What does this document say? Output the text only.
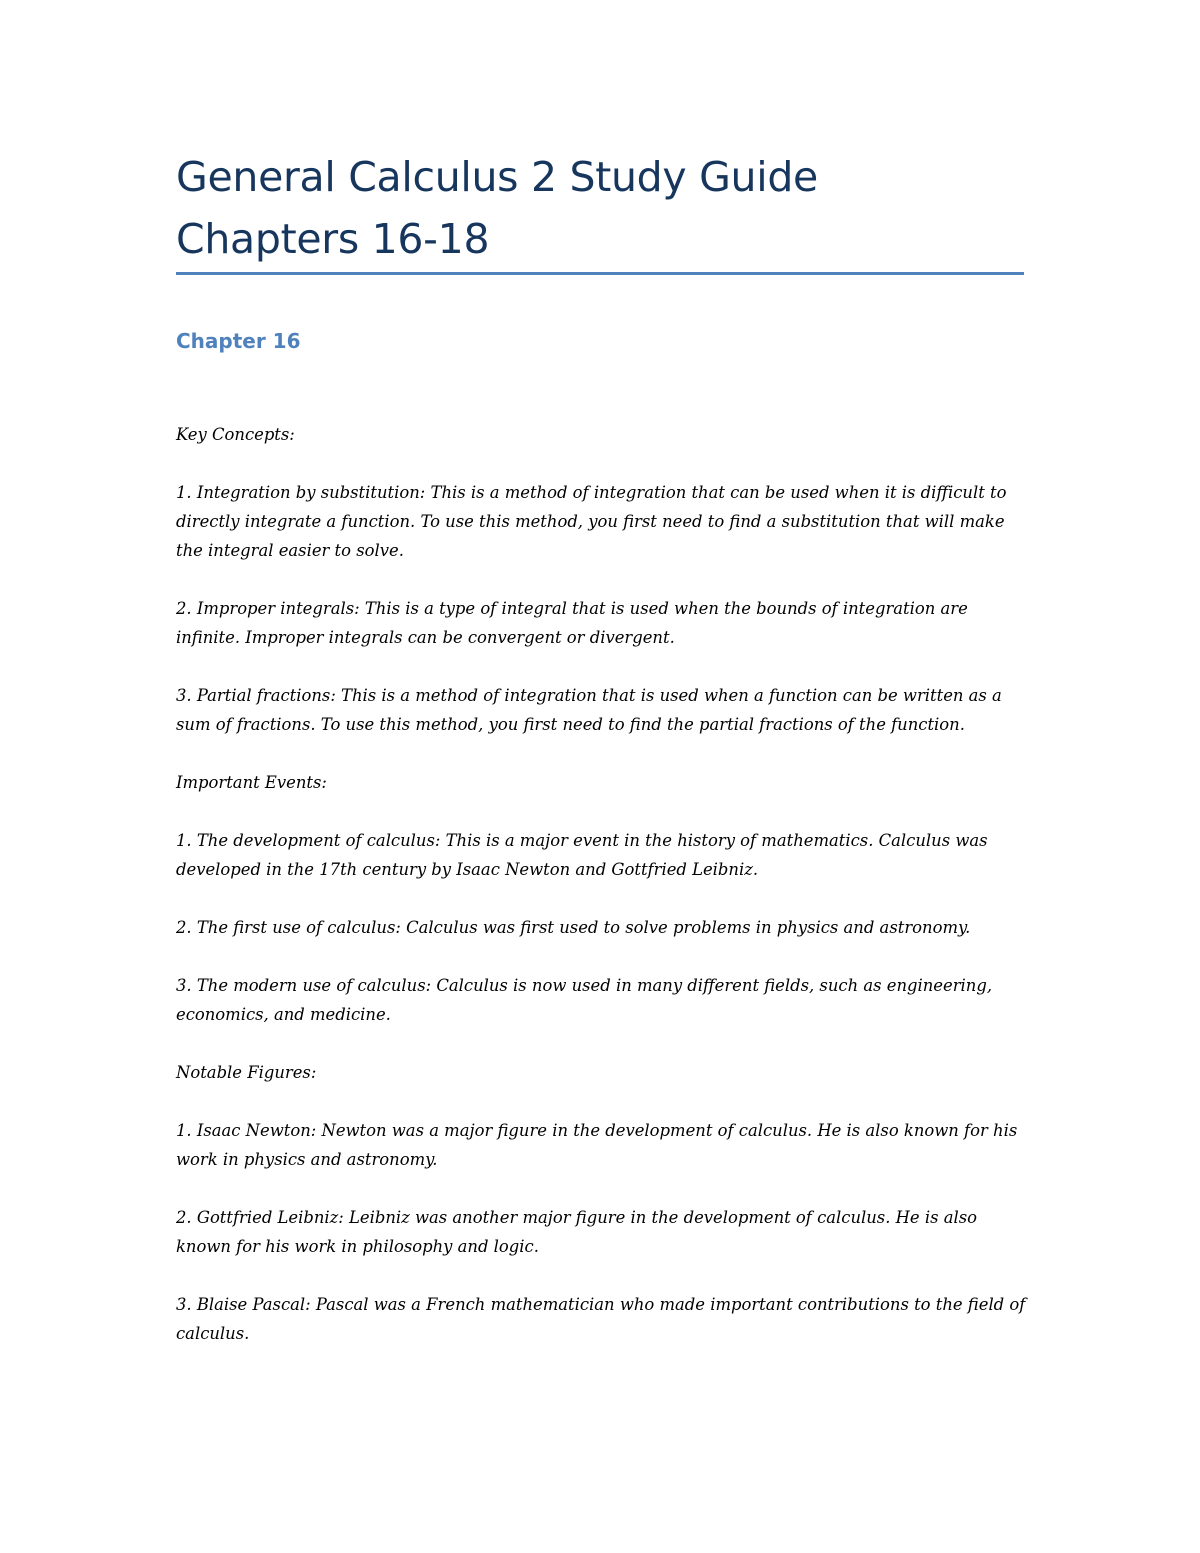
General Calculus 2 Study Guide
Chapters 16-18
Chapter 16

Key Concepts:

1. Integration by substitution: This is a method of integration that can be used when it is difficult to directly integrate a function. To use this method, you first need to find a substitution that will make the integral easier to solve.

2. Improper integrals: This is a type of integral that is used when the bounds of integration are infinite. Improper integrals can be convergent or divergent.

3. Partial fractions: This is a method of integration that is used when a function can be written as a sum of fractions. To use this method, you first need to find the partial fractions of the function.

Important Events:

1. The development of calculus: This is a major event in the history of mathematics. Calculus was developed in the 17th century by Isaac Newton and Gottfried Leibniz.

2. The first use of calculus: Calculus was first used to solve problems in physics and astronomy.

3. The modern use of calculus: Calculus is now used in many different fields, such as engineering, economics, and medicine.

Notable Figures:

1. Isaac Newton: Newton was a major figure in the development of calculus. He is also known for his work in physics and astronomy.

2. Gottfried Leibniz: Leibniz was another major figure in the development of calculus. He is also known for his work in philosophy and logic.

3. Blaise Pascal: Pascal was a French mathematician who made important contributions to the field of calculus.
